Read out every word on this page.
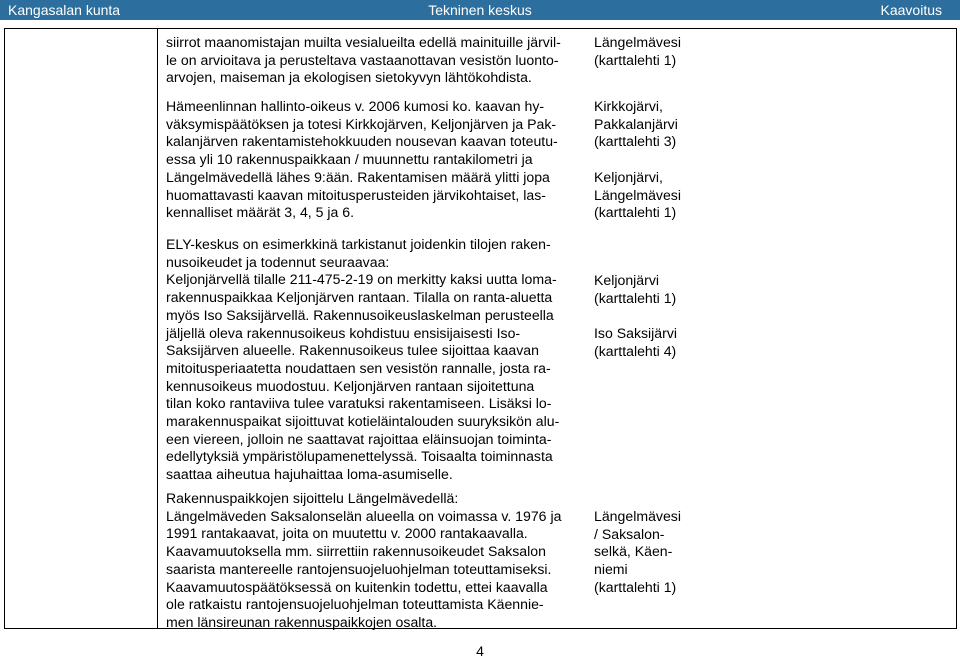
Kangasalan kunta	Tekninen keskus	Kaavoitus

siirrot maanomistajan muilta vesialueilta edellä mainituille järvil-

le on arvioitava ja perusteltava vastaanottavan vesistön luonto-

arvojen, maiseman ja ekologisen sietokyvyn lähtökohdista.

Längelmävesi

(karttalehti 1)

Hämeenlinnan hallinto-oikeus v. 2006 kumosi ko. kaavan hy-

väksymispäätöksen ja totesi Kirkkojärven, Keljonjärven ja Pak-

kalanjärven rakentamistehokkuuden nousevan kaavan toteutu-

essa yli 10 rakennuspaikkaan / muunnettu rantakilometri ja

Längelmävedellä lähes 9:ään. Rakentamisen määrä ylitti jopa

huomattavasti kaavan mitoitusperusteiden järvikohtaiset, las-

kennalliset määrät 3, 4, 5 ja 6.

Kirkkojärvi,

Pakkalanjärvi

(karttalehti 3)

Keljonjärvi,

Längelmävesi

(karttalehti 1)

ELY-keskus on esimerkkinä tarkistanut joidenkin tilojen raken-

nusoikeudet ja todennut seuraavaa:

Keljonjärvellä tilalle 211-475-2-19 on merkitty kaksi uutta loma-

rakennuspaikkaa Keljonjärven rantaan. Tilalla on ranta-aluetta

myös Iso Saksijärvellä. Rakennusoikeuslaskelman perusteella

jäljellä oleva rakennusoikeus kohdistuu ensisijaisesti Iso-

Saksijärven alueelle. Rakennusoikeus tulee sijoittaa kaavan

mitoitusperiaatetta noudattaen sen vesistön rannalle, josta ra-

kennusoikeus muodostuu. Keljonjärven rantaan sijoitettuna

tilan koko rantaviiva tulee varatuksi rakentamiseen. Lisäksi lo-

marakennuspaikat sijoittuvat kotieläintalouden suuryksikön alu-

een viereen, jolloin ne saattavat rajoittaa eläinsuojan toiminta-

edellytyksiä ympäristölupamenettelyssä. Toisaalta toiminnasta

saattaa aiheutua hajuhaittaa loma-asumiselle.

Keljonjärvi

(karttalehti 1)

Iso Saksijärvi

(karttalehti 4)

Rakennuspaikkojen sijoittelu Längelmävedellä:

Längelmäveden Saksalonselän alueella on voimassa v. 1976 ja

1991 rantakaavat, joita on muutettu v. 2000 rantakaavalla.

Kaavamuutoksella mm. siirrettiin rakennusoikeudet Saksalon

saarista mantereelle rantojensuojeluohjelman toteuttamiseksi.

Kaavamuutospäätöksessä on kuitenkin todettu, ettei kaavalla

ole ratkaistu rantojensuojeluohjelman toteuttamista Käennie-

men länsireunan rakennuspaikkojen osalta.

Längelmävesi

/ Saksalon-

selkä, Käen-

niemi

(karttalehti 1)

4
